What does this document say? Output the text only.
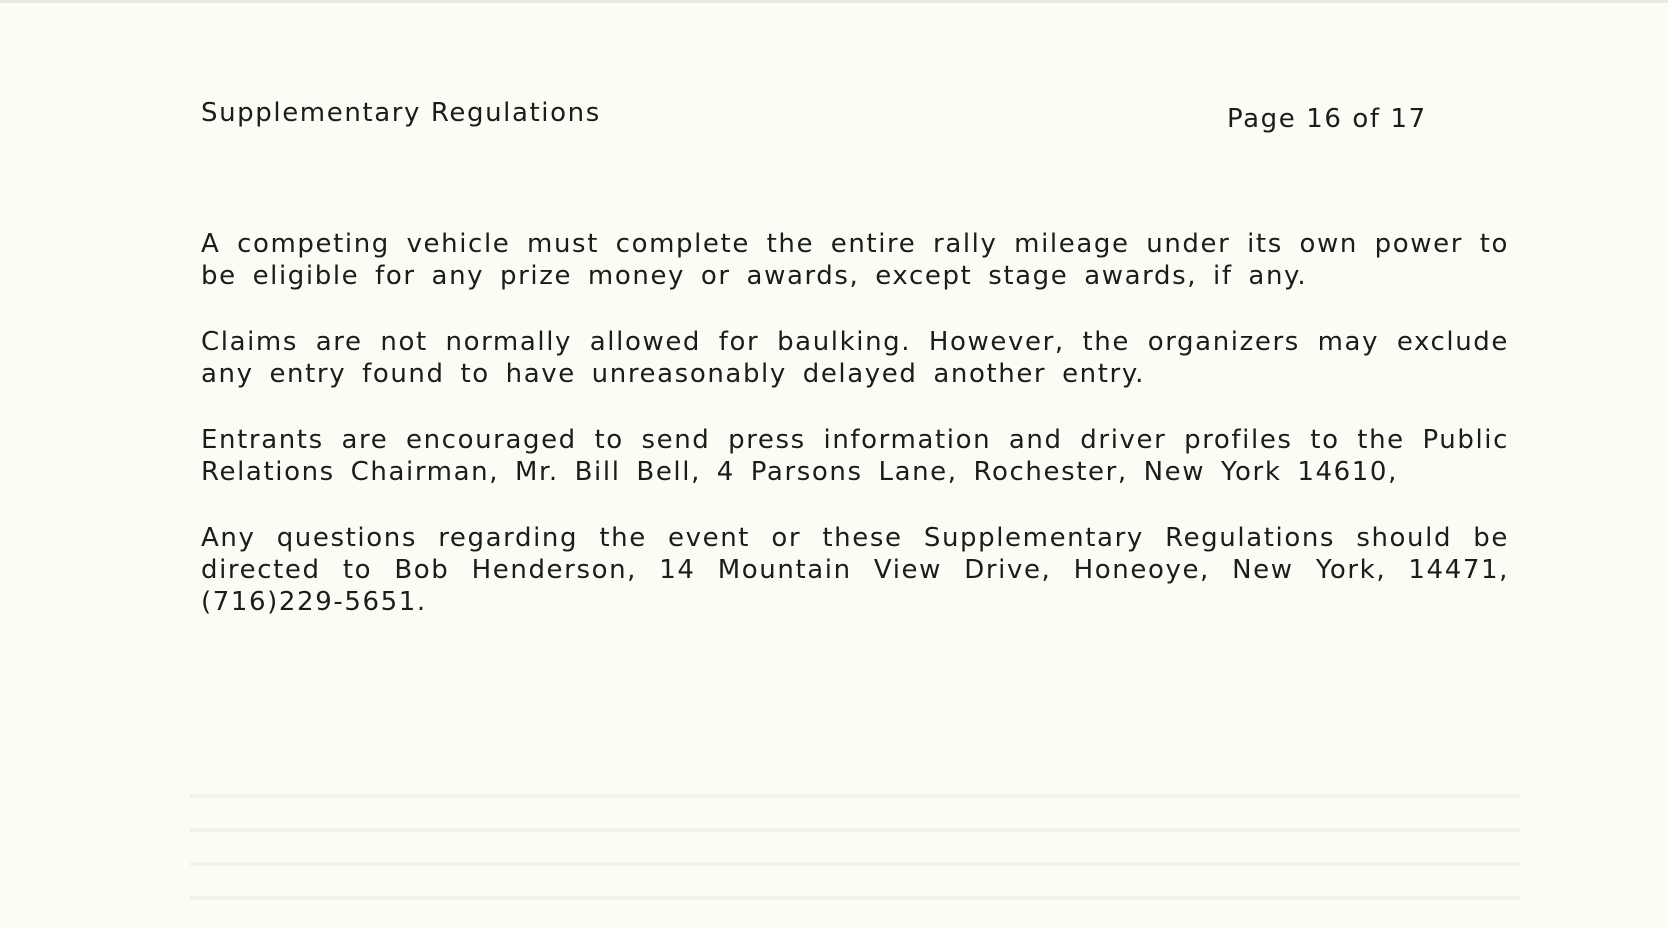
Supplementary Regulations	Page 16 of 17

A competing vehicle must complete the entire rally mileage under its own power to be eligible for any prize money or awards, except stage awards, if any.

Claims are not normally allowed for baulking. However, the organizers may exclude any entry found to have unreasonably delayed another entry.

Entrants are encouraged to send press information and driver profiles to the Public Relations Chairman, Mr. Bill Bell, 4 Parsons Lane, Rochester, New York 14610,

Any questions regarding the event or these Supplementary Regulations should be directed to Bob Henderson, 14 Mountain View Drive, Honeoye, New York, 14471, (716)229-5651.
